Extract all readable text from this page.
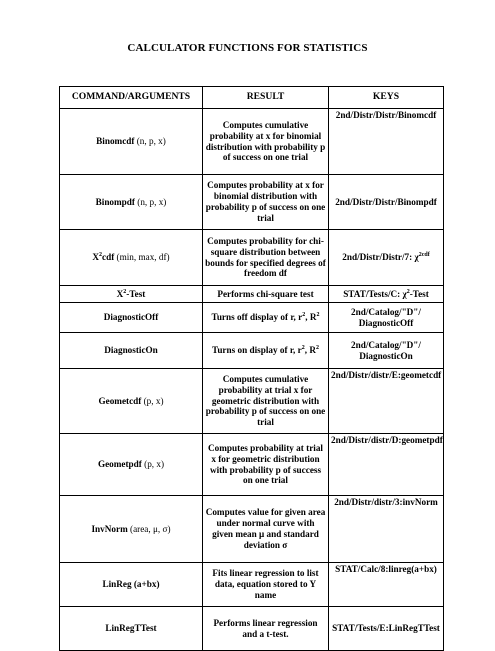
CALCULATOR FUNCTIONS FOR STATISTICS
COMMAND/ARGUMENTS	RESULT	KEYS
Binomcdf (n, p, x)	Computes cumulative probability at x for binomial distribution with probability p of success on one trial	2nd/Distr/Distr/Binomcdf
Binompdf (n, p, x)	Computes probability at x for binomial distribution with probability p of success on one trial	2nd/Distr/Distr/Binompdf
$X^2cdf$ (min, max, df)	Computes probability for chi-square distribution between bounds for specified degrees of freedom df	2nd/Distr/Distr/7: $\chi^{2cdf}$
$X^2$-Test	Performs chi-square test	STAT/Tests/C: $\chi^2$-Test
DiagnosticOff	Turns off display of r, $r^2$, $R^2$	2nd/Catalog/"D"/ DiagnosticOff
DiagnosticOn	Turns on display of r, $r^2$, $R^2$	2nd/Catalog/"D"/ DiagnosticOn
Geometcdf (p, x)	Computes cumulative probability at trial x for geometric distribution with probability p of success on one trial	2nd/Distr/distr/E:geometcdf
Geometpdf (p, x)	Computes probability at trial x for geometric distribution with probability p of success on one trial	2nd/Distr/distr/D:geometpdf
InvNorm (area, μ, σ)	Computes value for given area under normal curve with given mean μ and standard deviation σ	2nd/Distr/distr/3:invNorm
LinReg (a+bx)	Fits linear regression to list data, equation stored to Y name	STAT/Calc/8:linreg(a+bx)
LinRegTTest	Performs linear regression and a t-test.	STAT/Tests/E:LinRegTTest
